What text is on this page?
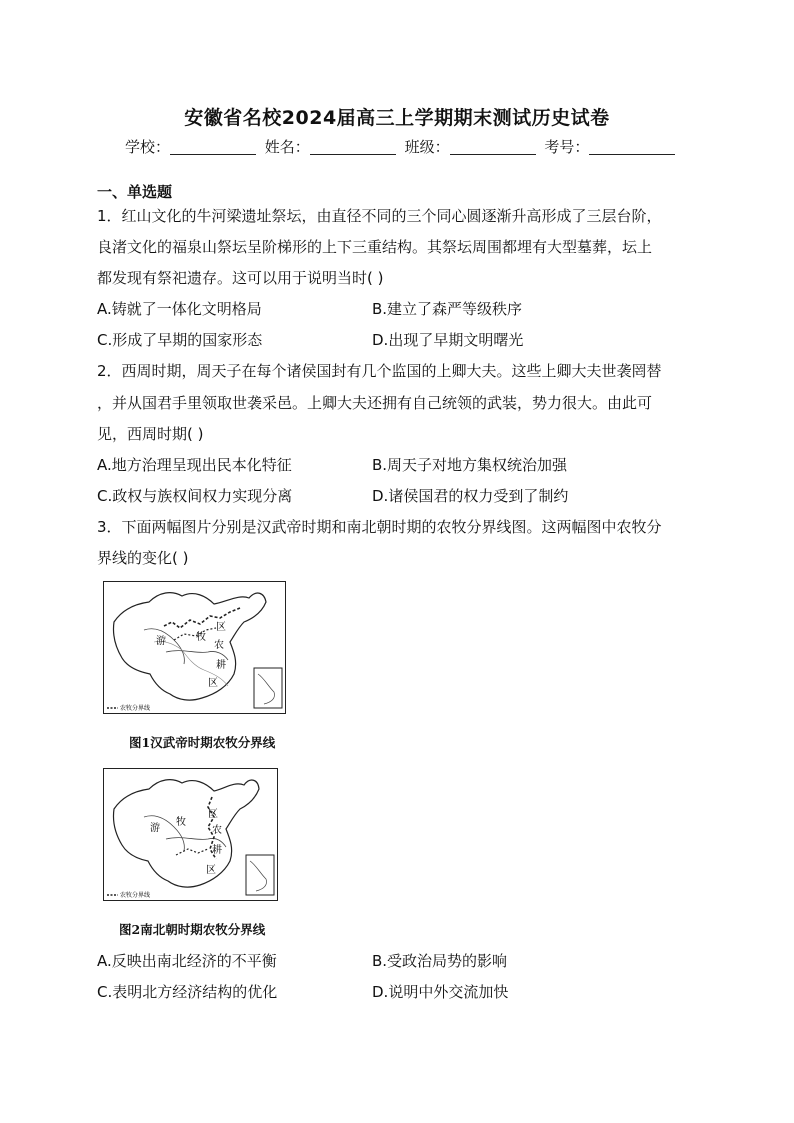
安徽省名校2024届高三上学期期末测试历史试卷
学校：	姓名：	班级：	考号：
一、单选题
1．红山文化的牛河梁遗址祭坛，由直径不同的三个同心圆逐渐升高形成了三层台阶，
良渚文化的福泉山祭坛呈阶梯形的上下三重结构。其祭坛周围都埋有大型墓葬，坛上
都发现有祭祀遗存。这可以用于说明当时( )
A.铸就了一体化文明格局	B.建立了森严等级秩序
C.形成了早期的国家形态	D.出现了早期文明曙光
2．西周时期，周天子在每个诸侯国封有几个监国的上卿大夫。这些上卿大夫世袭罔替
，并从国君手里领取世袭采邑。上卿大夫还拥有自己统领的武装，势力很大。由此可
见，西周时期( )
A.地方治理呈现出民本化特征	B.周天子对地方集权统治加强
C.政权与族权间权力实现分离	D.诸侯国君的权力受到了制约
3．下面两幅图片分别是汉武帝时期和南北朝时期的农牧分界线图。这两幅图中农牧分
界线的变化( )
游	牧
区
农
耕
区
农牧分界线
图1汉武帝时期农牧分界线
游
牧
区
农
耕
区
农牧分界线
图2南北朝时期农牧分界线
A.反映出南北经济的不平衡	B.受政治局势的影响
C.表明北方经济结构的优化	D.说明中外交流加快
